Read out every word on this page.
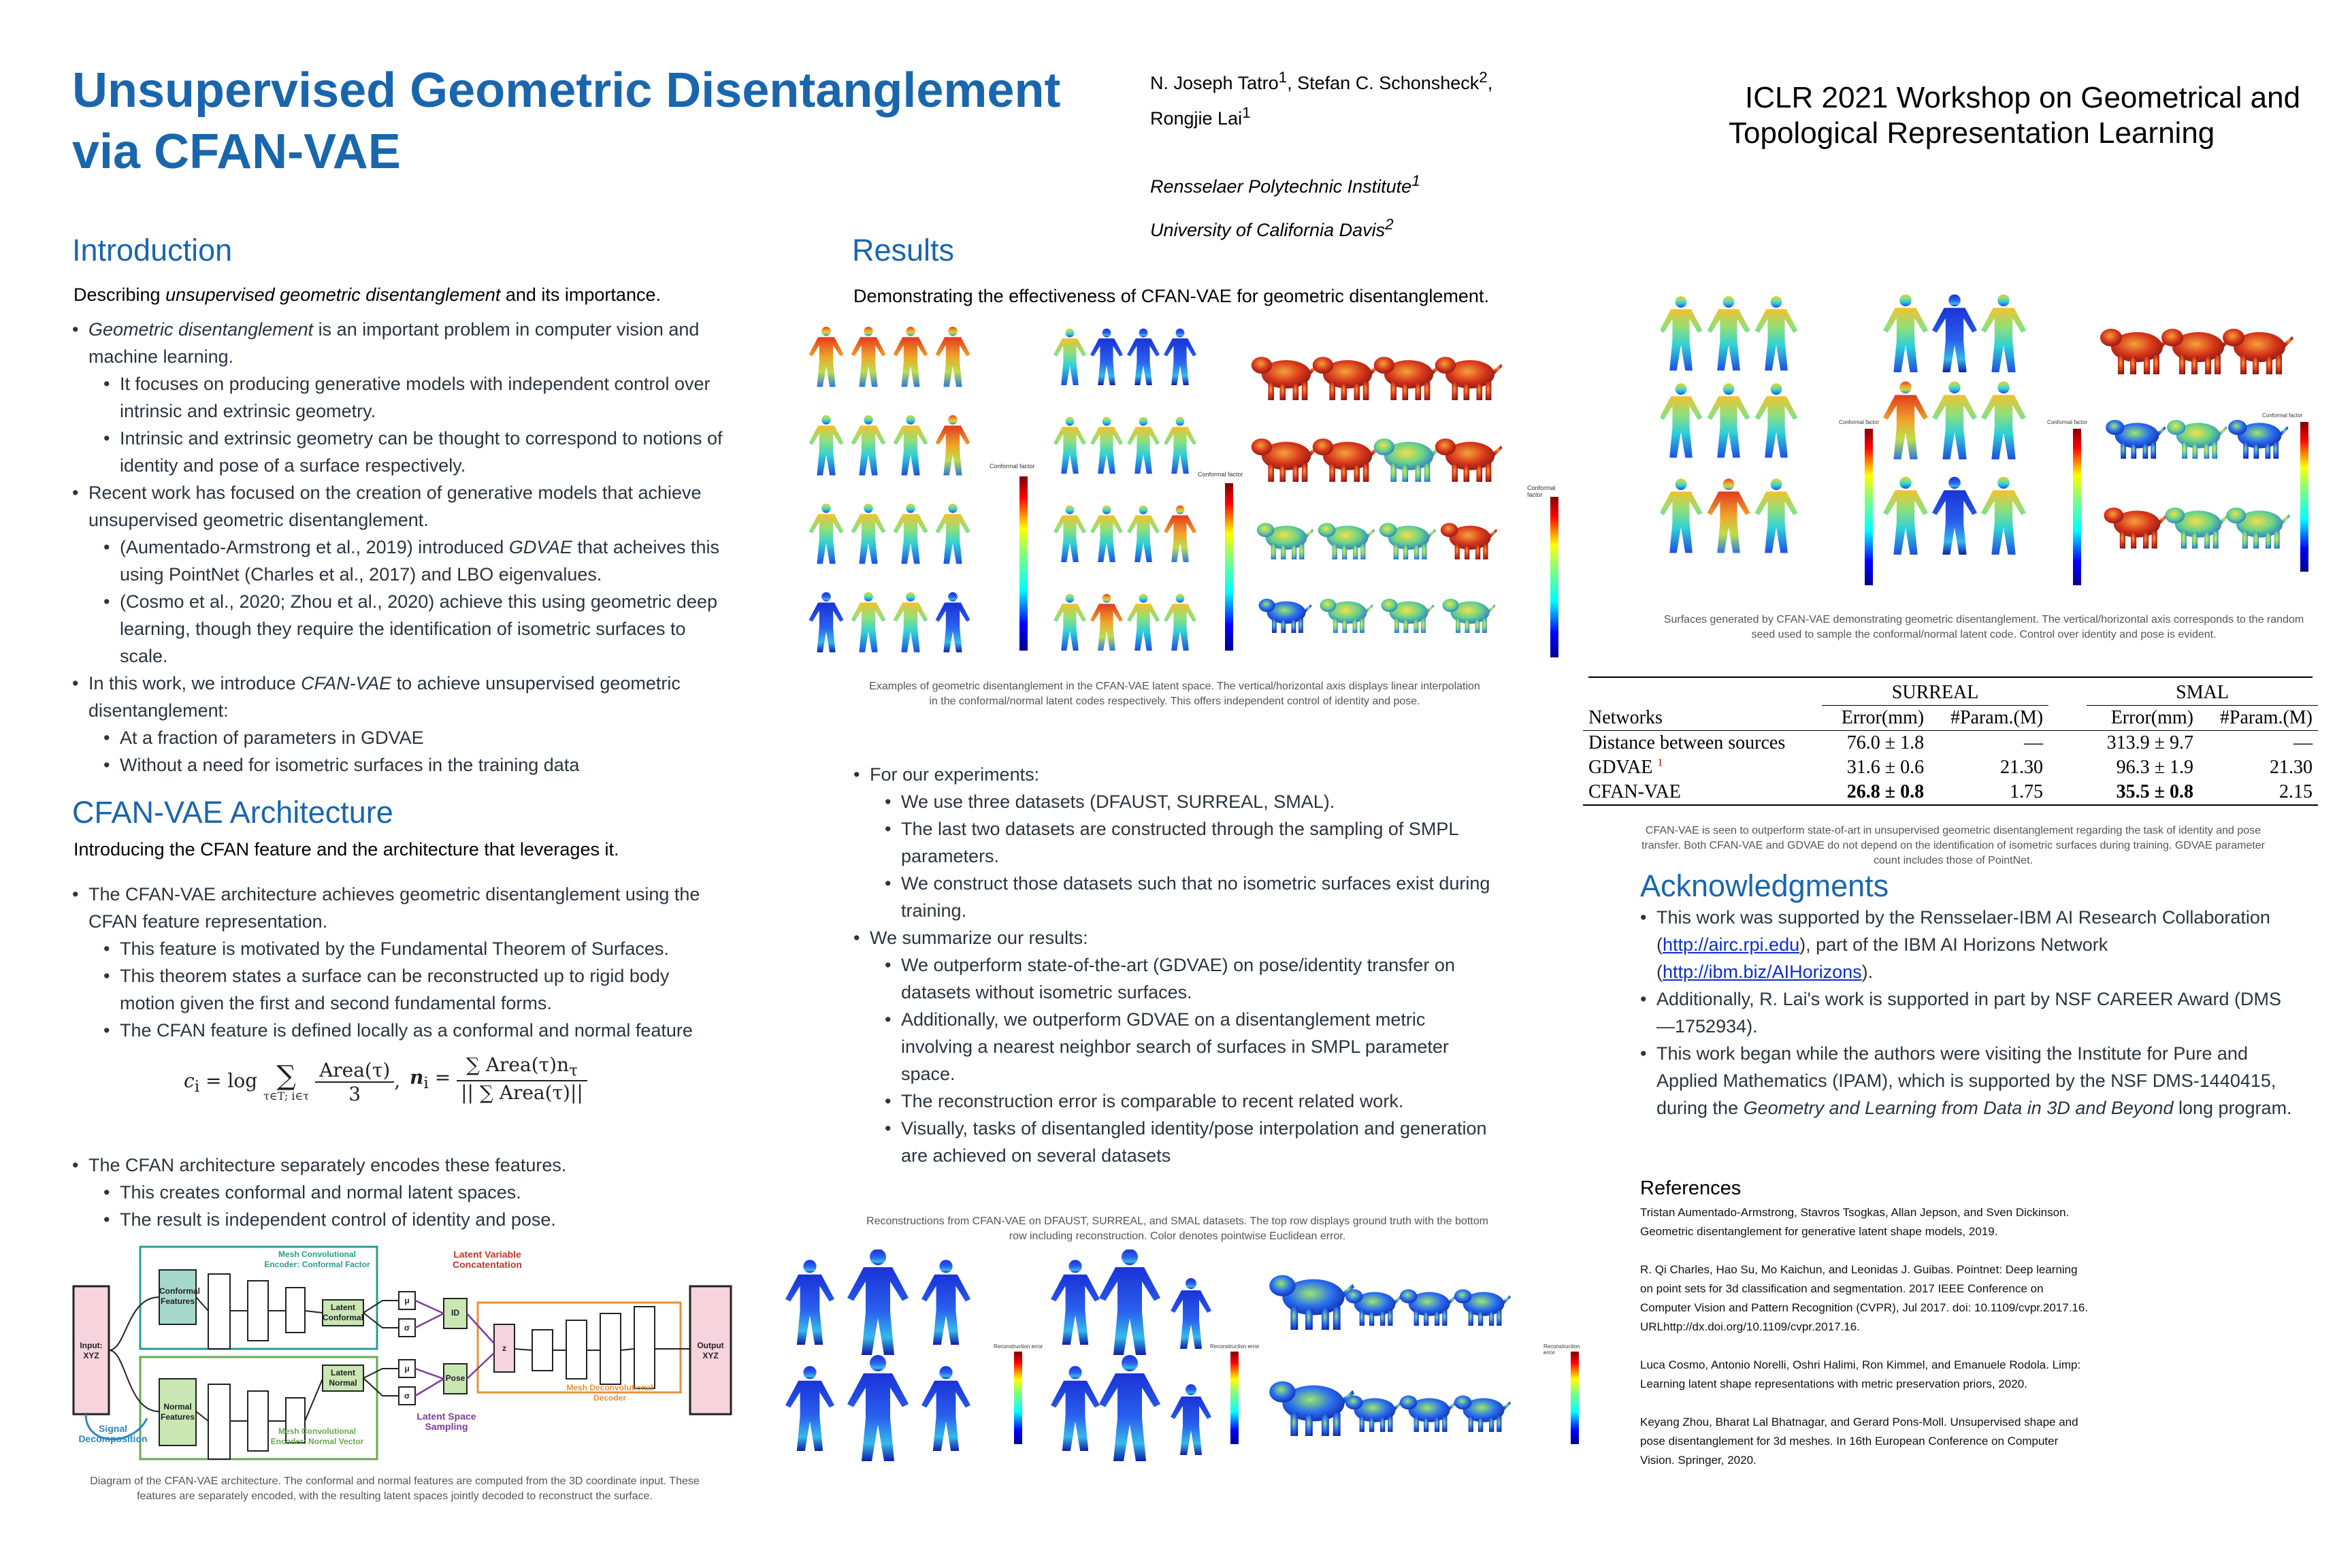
Unsupervised Geometric Disentanglement via CFAN-VAE
N. Joseph Tatro$^1$, Stefan C. Schonsheck$^2$,
Rongjie Lai$^1$
Rensselaer Polytechnic Institute$^1$
University of California Davis$^2$
ICLR 2021 Workshop on Geometrical and
Topological Representation Learning
Introduction
Describing unsupervised geometric disentanglement and its importance.
• Geometric disentanglement is an important problem in computer vision and machine learning.
• It focuses on producing generative models with independent control over intrinsic and extrinsic geometry.
• Intrinsic and extrinsic geometry can be thought to correspond to notions of identity and pose of a surface respectively.
• Recent work has focused on the creation of generative models that achieve unsupervised geometric disentanglement.
• (Aumentado-Armstrong et al., 2019) introduced GDVAE that acheives this using PointNet (Charles et al., 2017) and LBO eigenvalues.
• (Cosmo et al., 2020; Zhou et al., 2020) achieve this using geometric deep learning, though they require the identification of isometric surfaces to scale.
• In this work, we introduce CFAN-VAE to achieve unsupervised geometric disentanglement:
• At a fraction of parameters in GDVAE
• Without a need for isometric surfaces in the training data
CFAN-VAE Architecture
Introducing the CFAN feature and the architecture that leverages it.
• The CFAN-VAE architecture achieves geometric disentanglement using the CFAN feature representation.
• This feature is motivated by the Fundamental Theorem of Surfaces.
• This theorem states a surface can be reconstructed up to rigid body motion given the first and second fundamental forms.
• The CFAN feature is defined locally as a conformal and normal feature
$c_i = \log$ ∑
τ∈T; i∈τ
$\frac{\text{Area(τ)}}{3}$ , $n_i = \frac{\sum Area(\tau)n_\tau}{\text{|| ∑ Area(τ)||}}$
• The CFAN architecture separately encodes these features.
• This creates conformal and normal latent spaces.
• The result is independent control of identity and pose.
Input: XYZ
Output XYZ
Conformal Features
Normal Features
Mesh Convolutional Encoder: Conformal Factor
Mesh Convolutional Encoder: Normal Vector
Latent Conformal
Latent Normal
Latent Variable Concatentation
ID
Pose
z
μ
σ
μ
σ
Mesh Deconvolutional Decoder
Signal Decomposition
Latent Space Sampling
Diagram of the CFAN-VAE architecture. The conformal and normal features are computed from the 3D coordinate input. These features are separately encoded, with the resulting latent spaces jointly decoded to reconstruct the surface.
Results
Demonstrating the effectiveness of CFAN-VAE for geometric disentanglement.
Conformal factor
Conformal factor
Conformal factor
Examples of geometric disentanglement in the CFAN-VAE latent space. The vertical/horizontal axis displays linear interpolation in the conformal/normal latent codes respectively. This offers independent control of identity and pose.
• For our experiments:
• We use three datasets (DFAUST, SURREAL, SMAL).
• The last two datasets are constructed through the sampling of SMPL parameters.
• We construct those datasets such that no isometric surfaces exist during training.
• We summarize our results:
• We outperform state-of-the-art (GDVAE) on pose/identity transfer on datasets without isometric surfaces.
• Additionally, we outperform GDVAE on a disentanglement metric involving a nearest neighbor search of surfaces in SMPL parameter space.
• The reconstruction error is comparable to recent related work.
• Visually, tasks of disentangled identity/pose interpolation and generation are achieved on several datasets
Reconstructions from CFAN-VAE on DFAUST, SURREAL, and SMAL datasets. The top row displays ground truth with the bottom row including reconstruction. Color denotes pointwise Euclidean error.
Reconstruction error	Reconstruction error	Reconstruction error
Conformal factor	Conformal factor
Conformal factor
Surfaces generated by CFAN-VAE demonstrating geometric disentanglement. The vertical/horizontal axis corresponds to the random seed used to sample the conformal/normal latent code. Control over identity and pose is evident.
	SURREAL			SMAL	
Networks	Error(mm)	#Param.(M)		Error(mm)	#Param.(M)
Distance between sources	76.0 ± 1.8	—		313.9 ± 9.7	—
GDVAE $^1$	31.6 ± 0.6	21.30		96.3 ± 1.9	21.30
CFAN-VAE	26.8 ± 0.8	1.75		35.5 ± 0.8	2.15
CFAN-VAE is seen to outperform state-of-art in unsupervised geometric disentanglement regarding the task of identity and pose transfer. Both CFAN-VAE and GDVAE do not depend on the identification of isometric surfaces during training. GDVAE parameter count includes those of PointNet.
Acknowledgments
• This work was supported by the Rensselaer-IBM AI Research Collaboration (http://airc.rpi.edu), part of the IBM AI Horizons Network (http://ibm.biz/AIHorizons).
• Additionally, R. Lai's work is supported in part by NSF CAREER Award (DMS—1752934).
• This work began while the authors were visiting the Institute for Pure and Applied Mathematics (IPAM), which is supported by the NSF DMS-1440415, during the Geometry and Learning from Data in 3D and Beyond long program.
References

Tristan Aumentado-Armstrong, Stavros Tsogkas, Allan Jepson, and Sven Dickinson. Geometric disentanglement for generative latent shape models, 2019.

R. Qi Charles, Hao Su, Mo Kaichun, and Leonidas J. Guibas. Pointnet: Deep learning on point sets for 3d classification and segmentation. 2017 IEEE Conference on Computer Vision and Pattern Recognition (CVPR), Jul 2017. doi: 10.1109/cvpr.2017.16. URLhttp://dx.doi.org/10.1109/cvpr.2017.16.

Luca Cosmo, Antonio Norelli, Oshri Halimi, Ron Kimmel, and Emanuele Rodola. Limp: Learning latent shape representations with metric preservation priors, 2020.

Keyang Zhou, Bharat Lal Bhatnagar, and Gerard Pons-Moll. Unsupervised shape and pose disentanglement for 3d meshes. In 16th European Conference on Computer Vision. Springer, 2020.
